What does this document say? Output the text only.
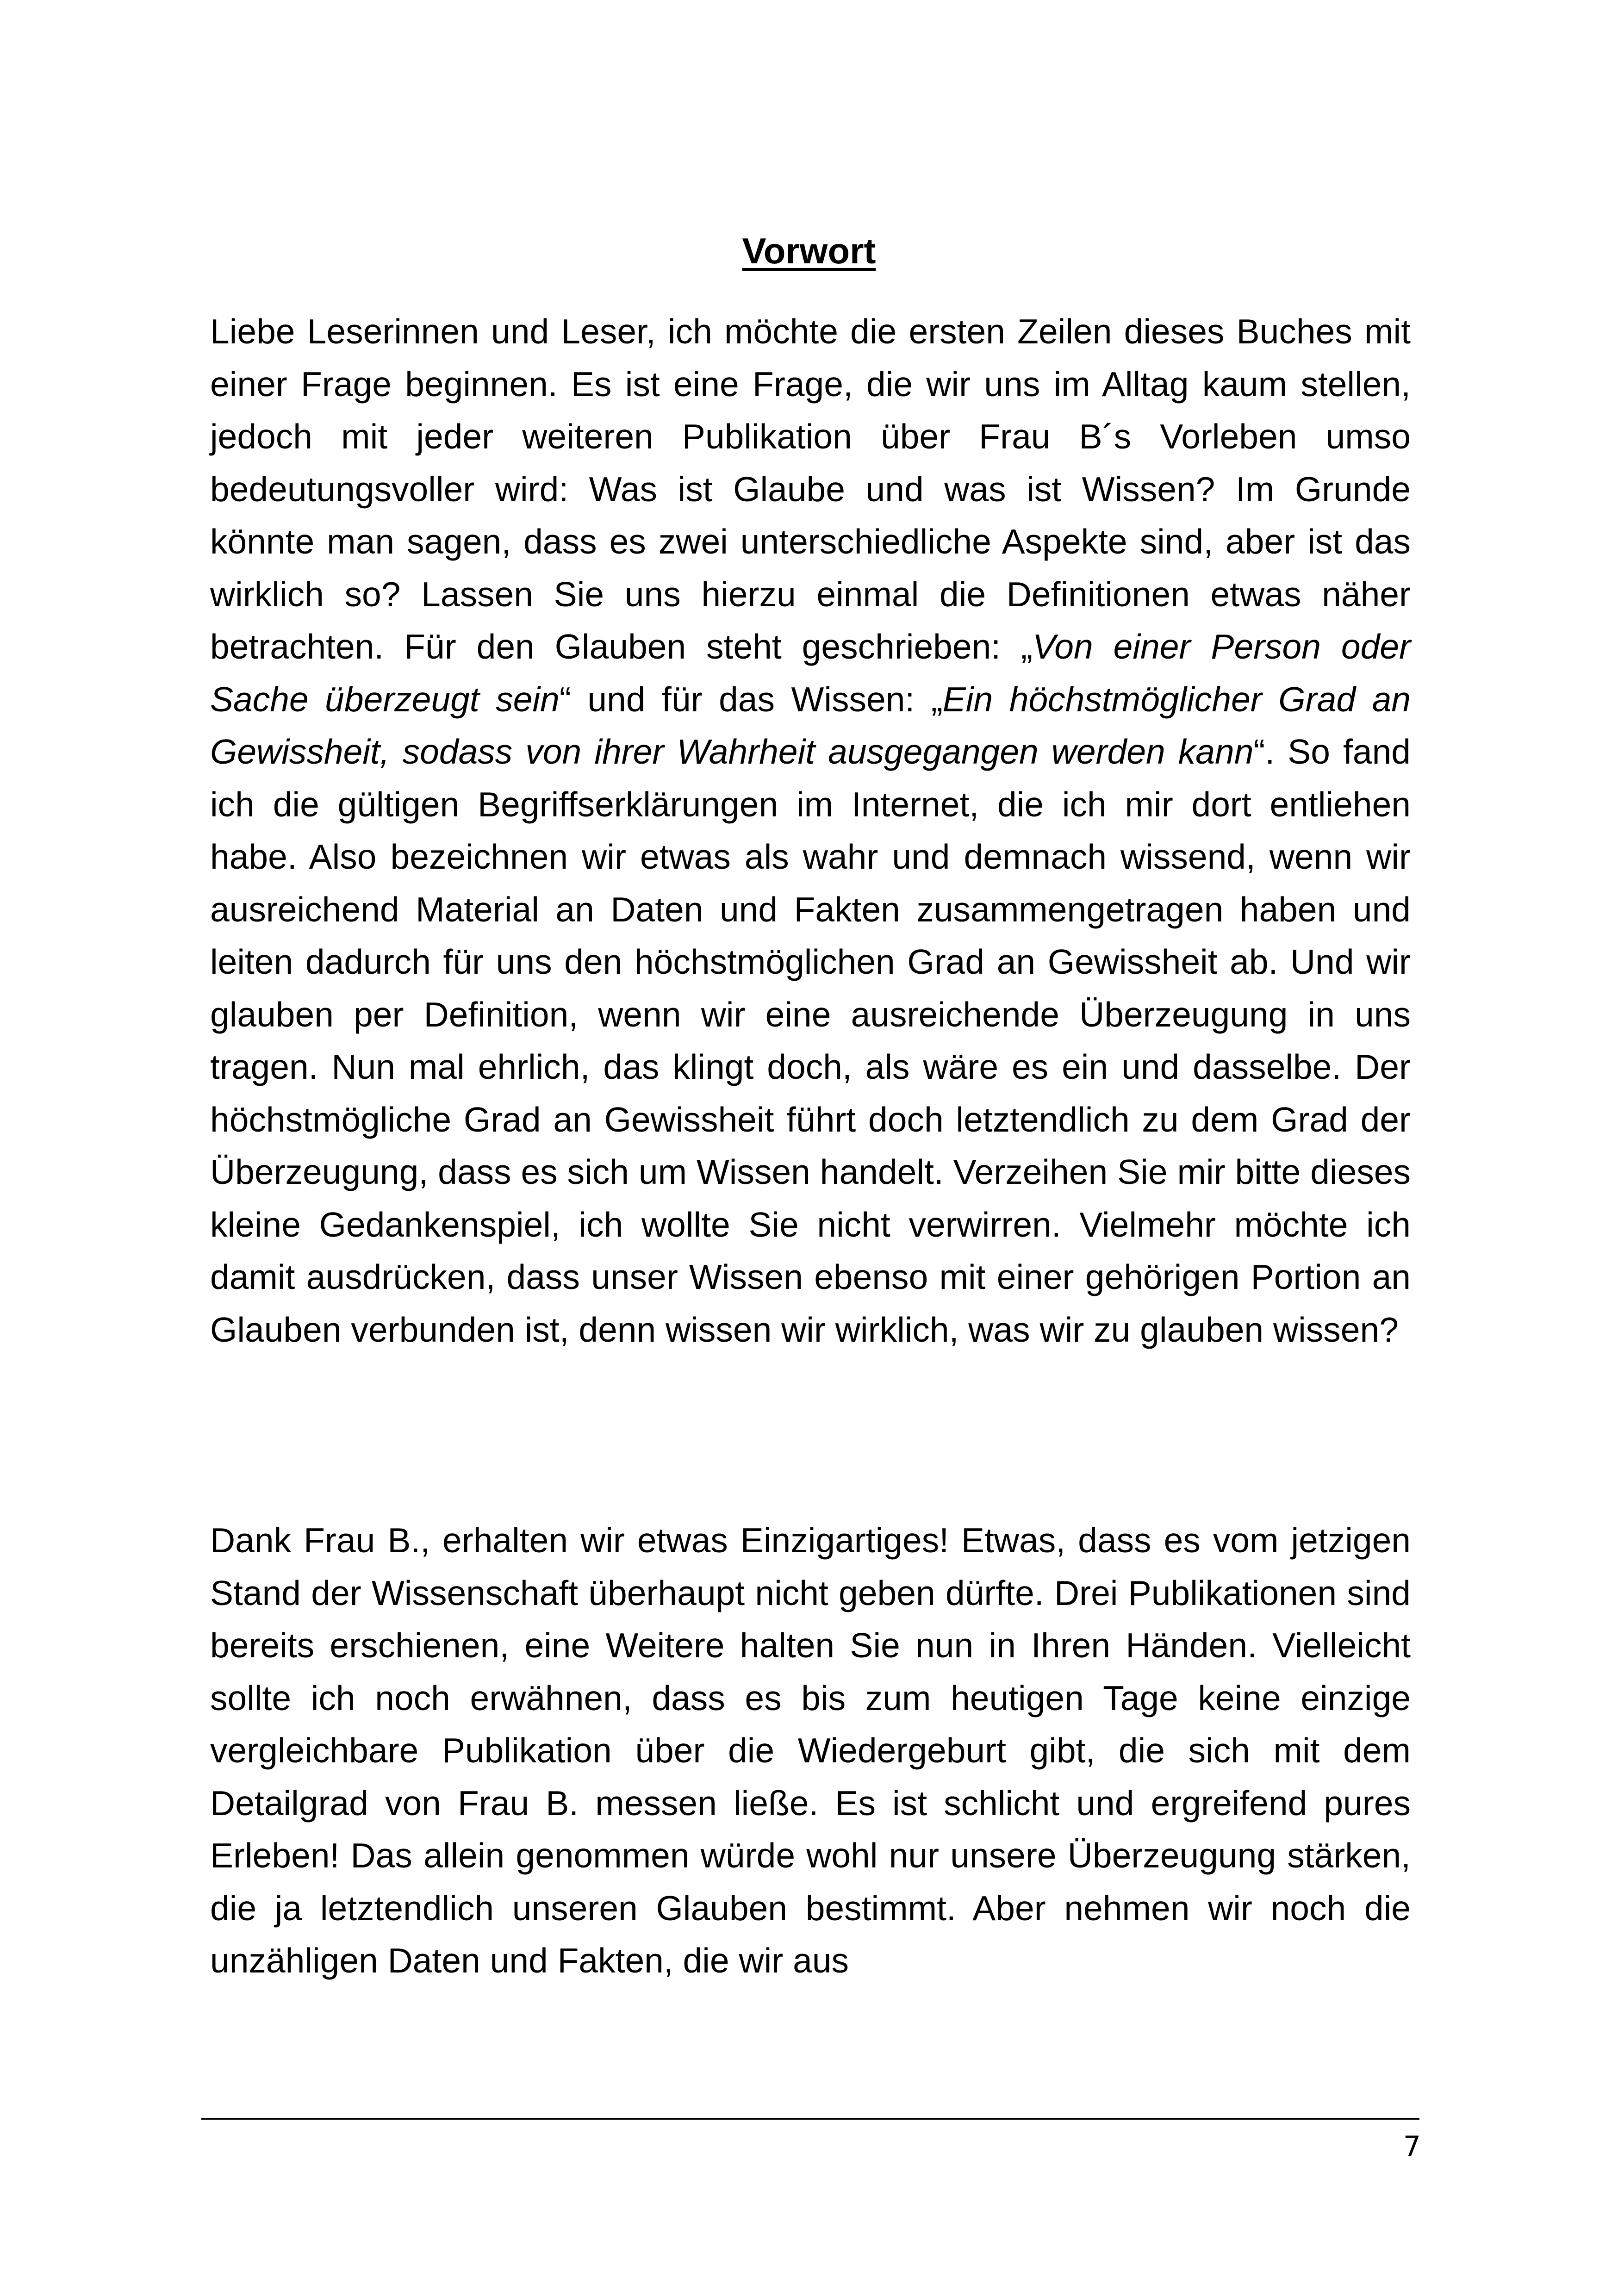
Vorwort

Liebe Leserinnen und Leser, ich möchte die ersten Zeilen dieses Buches mit einer Frage beginnen. Es ist eine Frage, die wir uns im Alltag kaum stellen, jedoch mit jeder weiteren Publikation über Frau B´s Vorleben umso bedeutungsvoller wird: Was ist Glaube und was ist Wissen? Im Grunde könnte man sagen, dass es zwei unterschiedliche Aspekte sind, aber ist das wirklich so? Lassen Sie uns hierzu einmal die Definitionen etwas näher betrachten. Für den Glauben steht geschrieben: „Von einer Person oder Sache überzeugt sein“ und für das Wissen: „Ein höchstmöglicher Grad an Gewissheit, sodass von ihrer Wahrheit ausgegangen werden kann“. So fand ich die gültigen Begriffserklärungen im Internet, die ich mir dort entliehen habe. Also bezeichnen wir etwas als wahr und demnach wissend, wenn wir ausreichend Material an Daten und Fakten zusammengetragen haben und leiten dadurch für uns den höchstmöglichen Grad an Gewissheit ab. Und wir glauben per Definition, wenn wir eine ausreichende Überzeugung in uns tragen. Nun mal ehrlich, das klingt doch, als wäre es ein und dasselbe. Der höchstmögliche Grad an Gewissheit führt doch letztendlich zu dem Grad der Überzeugung, dass es sich um Wissen handelt. Verzeihen Sie mir bitte dieses kleine Gedankenspiel, ich wollte Sie nicht verwirren. Vielmehr möchte ich damit ausdrücken, dass unser Wissen ebenso mit einer gehörigen Portion an Glauben verbunden ist, denn wissen wir wirklich, was wir zu glauben wissen?

Dank Frau B., erhalten wir etwas Einzigartiges! Etwas, dass es vom jetzigen Stand der Wissenschaft überhaupt nicht geben dürfte. Drei Publikationen sind bereits erschienen, eine Weitere halten Sie nun in Ihren Händen. Vielleicht sollte ich noch erwähnen, dass es bis zum heutigen Tage keine einzige vergleichbare Publikation über die Wiedergeburt gibt, die sich mit dem Detailgrad von Frau B. messen ließe. Es ist schlicht und ergreifend pures Erleben! Das allein genommen würde wohl nur unsere Überzeugung stärken, die ja letztendlich unseren Glauben bestimmt. Aber nehmen wir noch die unzähligen Daten und Fakten, die wir aus

7
